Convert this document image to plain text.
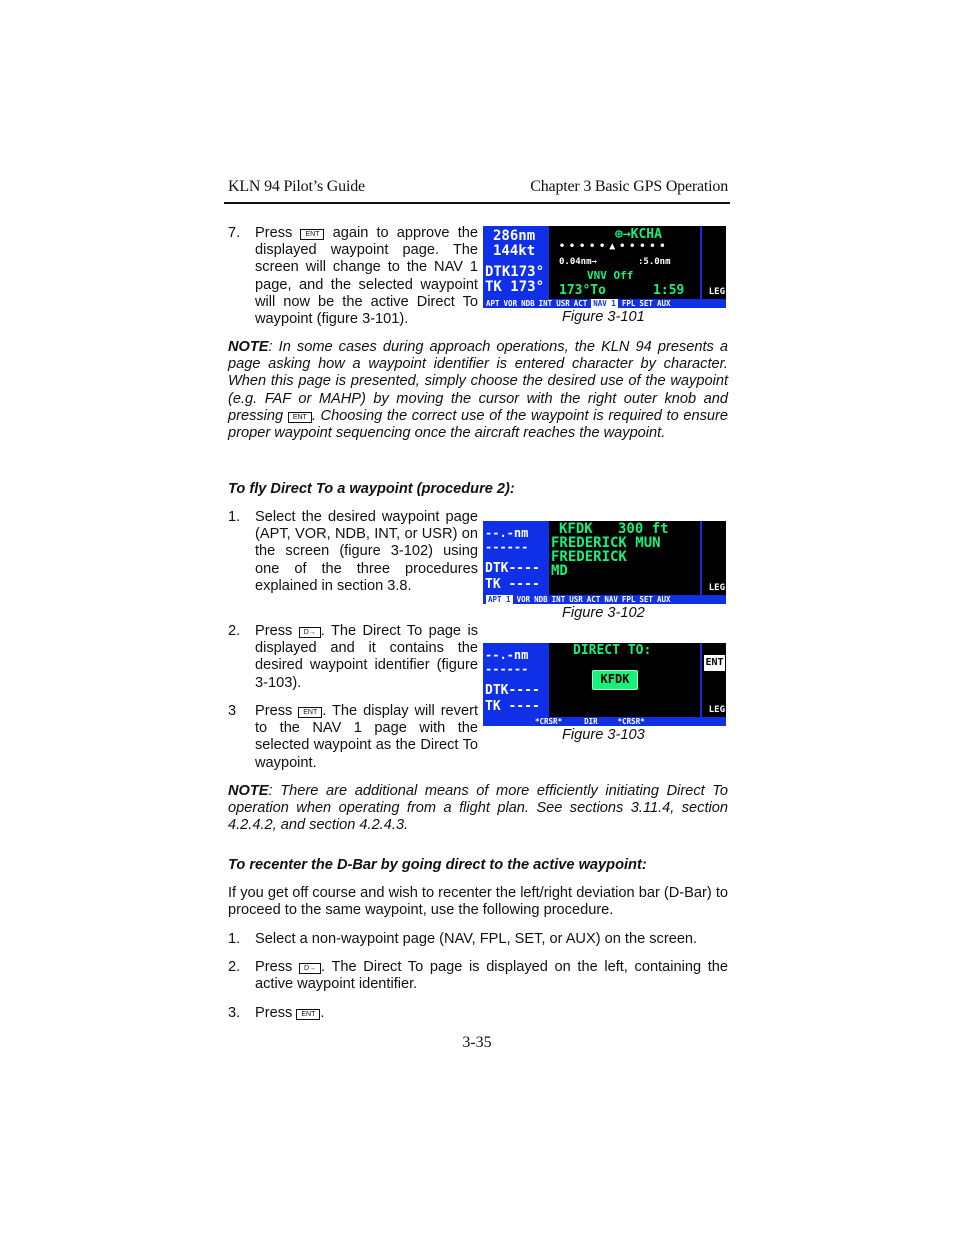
KLN 94 Pilot’s Guide	Chapter 3 Basic GPS Operation
7. Press ENT again to approve the displayed waypoint page. The screen will change to the NAV 1 page, and the selected waypoint will now be the active Direct To waypoint (figure 3-101).
286nm
144kt
DTK173°
TK 173°
⊕→KCHA
• • • • • ▲ • • • • •
0.04nm→	:5.0nm
VNV Off
173°To	1:59	LEG
APT VOR NDB INT USR ACT NAV 1 FPL SET AUX
Figure 3-101
NOTE: In some cases during approach operations, the KLN 94 presents a page asking how a waypoint identifier is entered character by character. When this page is presented, simply choose the desired use of the waypoint (e.g. FAF or MAHP) by moving the cursor with the right outer knob and pressing ENT . Choosing the correct use of the waypoint is required to ensure proper waypoint sequencing once the aircraft reaches the waypoint.
To fly Direct To a waypoint (procedure 2):
1. Select the desired waypoint page (APT, VOR, NDB, INT, or USR) on the screen (figure 3-102) using one of the three procedures explained in section 3.8.
2. Press D→ . The Direct To page is displayed and it contains the desired waypoint identifier (figure 3-103).
3 Press ENT . The display will revert to the NAV 1 page with the selected waypoint as the Direct To waypoint.
--.-nm
------
DTK----
TK ----
KFDK   300 ft
FREDERICK MUN
FREDERICK
MD
LEG
APT 1 VOR NDB INT USR ACT NAV FPL SET AUX
Figure 3-102
--.-nm
------
DTK----
TK ----
DIRECT TO:
KFDK
ENT
LEG
*CRSR*	DIR	*CRSR*
Figure 3-103
NOTE: There are additional means of more efficiently initiating Direct To operation when operating from a flight plan. See sections 3.11.4, section 4.2.4.2, and section 4.2.4.3.
To recenter the D-Bar by going direct to the active waypoint:
If you get off course and wish to recenter the left/right deviation bar (D-Bar) to proceed to the same waypoint, use the following procedure.
1. Select a non-waypoint page (NAV, FPL, SET, or AUX) on the screen.
2. Press D→ . The Direct To page is displayed on the left, containing the active waypoint identifier.
3. Press ENT .
3-35
